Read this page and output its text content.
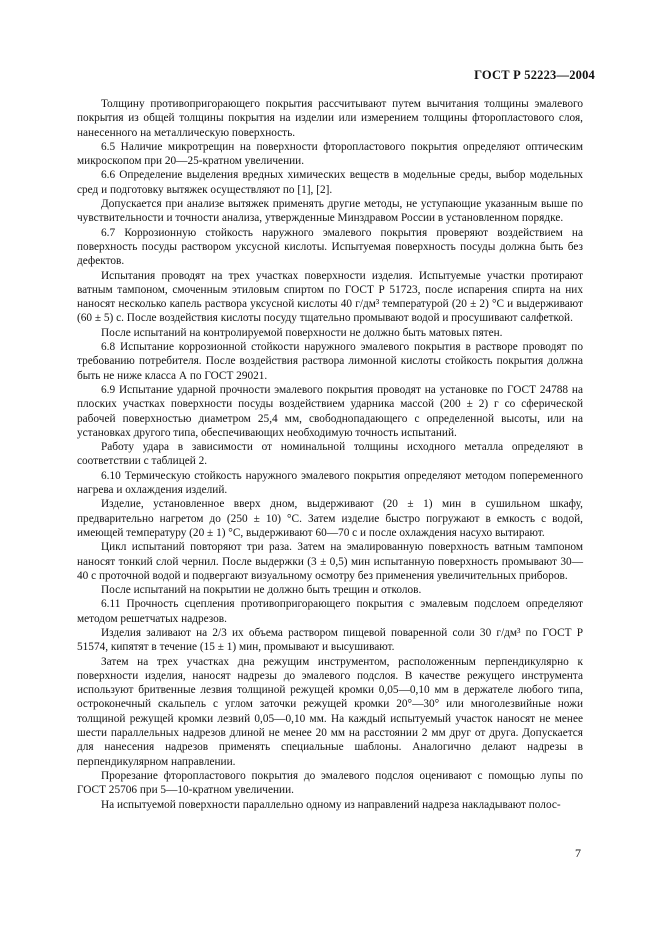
ГОСТ Р 52223—2004

Толщину противопригорающего покрытия рассчитывают путем вычитания толщины эмалевого покрытия из общей толщины покрытия на изделии или измерением толщины фторопластового слоя, нанесенного на металлическую поверхность.

6.5 Наличие микротрещин на поверхности фторопластового покрытия определяют оптическим микроскопом при 20—25-кратном увеличении.

6.6 Определение выделения вредных химических веществ в модельные среды, выбор модельных сред и подготовку вытяжек осуществляют по [1], [2].

Допускается при анализе вытяжек применять другие методы, не уступающие указанным выше по чувствительности и точности анализа, утвержденные Минздравом России в установленном порядке.

6.7 Коррозионную стойкость наружного эмалевого покрытия проверяют воздействием на поверхность посуды раствором уксусной кислоты. Испытуемая поверхность посуды должна быть без дефектов.

Испытания проводят на трех участках поверхности изделия. Испытуемые участки протирают ватным тампоном, смоченным этиловым спиртом по ГОСТ Р 51723, после испарения спирта на них наносят несколько капель раствора уксусной кислоты 40 г/дм³ температурой (20 ± 2) °С и выдерживают (60 ± 5) с. После воздействия кислоты посуду тщательно промывают водой и просушивают салфеткой.

После испытаний на контролируемой поверхности не должно быть матовых пятен.

6.8 Испытание коррозионной стойкости наружного эмалевого покрытия в растворе проводят по требованию потребителя. После воздействия раствора лимонной кислоты стойкость покрытия должна быть не ниже класса А по ГОСТ 29021.

6.9 Испытание ударной прочности эмалевого покрытия проводят на установке по ГОСТ 24788 на плоских участках поверхности посуды воздействием ударника массой (200 ± 2) г со сферической рабочей поверхностью диаметром 25,4 мм, свободнопадающего с определенной высоты, или на установках другого типа, обеспечивающих необходимую точность испытаний.

Работу удара в зависимости от номинальной толщины исходного металла определяют в соответствии с таблицей 2.

6.10 Термическую стойкость наружного эмалевого покрытия определяют методом попеременного нагрева и охлаждения изделий.

Изделие, установленное вверх дном, выдерживают (20 ± 1) мин в сушильном шкафу, предварительно нагретом до (250 ± 10) °С. Затем изделие быстро погружают в емкость с водой, имеющей температуру (20 ± 1) °С, выдерживают 60—70 с и после охлаждения насухо вытирают.

Цикл испытаний повторяют три раза. Затем на эмалированную поверхность ватным тампоном наносят тонкий слой чернил. После выдержки (3 ± 0,5) мин испытанную поверхность промывают 30—40 с проточной водой и подвергают визуальному осмотру без применения увеличительных приборов.

После испытаний на покрытии не должно быть трещин и отколов.

6.11 Прочность сцепления противопригорающего покрытия с эмалевым подслоем определяют методом решетчатых надрезов.

Изделия заливают на 2/3 их объема раствором пищевой поваренной соли 30 г/дм³ по ГОСТ Р 51574, кипятят в течение (15 ± 1) мин, промывают и высушивают.

Затем на трех участках дна режущим инструментом, расположенным перпендикулярно к поверхности изделия, наносят надрезы до эмалевого подслоя. В качестве режущего инструмента используют бритвенные лезвия толщиной режущей кромки 0,05—0,10 мм в держателе любого типа, остроконечный скальпель с углом заточки режущей кромки 20°—30° или многолезвийные ножи толщиной режущей кромки лезвий 0,05—0,10 мм. На каждый испытуемый участок наносят не менее шести параллельных надрезов длиной не менее 20 мм на расстоянии 2 мм друг от друга. Допускается для нанесения надрезов применять специальные шаблоны. Аналогично делают надрезы в перпендикулярном направлении.

Прорезание фторопластового покрытия до эмалевого подслоя оценивают с помощью лупы по ГОСТ 25706 при 5—10-кратном увеличении.

На испытуемой поверхности параллельно одному из направлений надреза накладывают полос-

7
